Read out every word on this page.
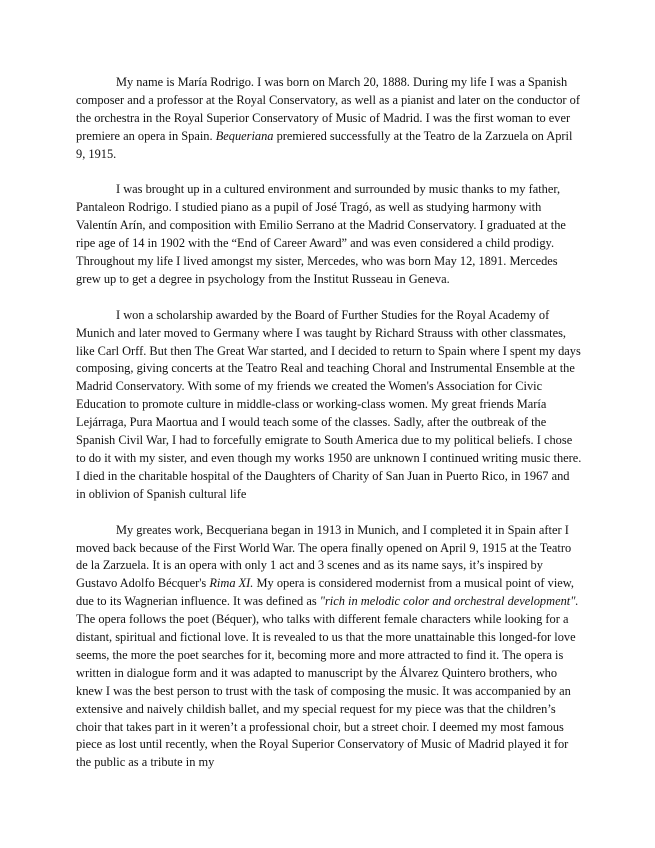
My name is María Rodrigo. I was born on March 20, 1888. During my life I was a Spanish composer and a professor at the Royal Conservatory, as well as a pianist and later on the conductor of the orchestra in the Royal Superior Conservatory of Music of Madrid. I was the first woman to ever premiere an opera in Spain. Bequeriana premiered successfully at the Teatro de la Zarzuela on April 9, 1915.

I was brought up in a cultured environment and surrounded by music thanks to my father, Pantaleon Rodrigo. I studied piano as a pupil of José Tragó, as well as studying harmony with Valentín Arín, and composition with Emilio Serrano at the Madrid Conservatory. I graduated at the ripe age of 14 in 1902 with the “End of Career Award” and was even considered a child prodigy. Throughout my life I lived amongst my sister, Mercedes, who was born May 12, 1891. Mercedes grew up to get a degree in psychology from the Institut Russeau in Geneva.

I won a scholarship awarded by the Board of Further Studies for the Royal Academy of Munich and later moved to Germany where I was taught by Richard Strauss with other classmates, like Carl Orff. But then The Great War started, and I decided to return to Spain where I spent my days composing, giving concerts at the Teatro Real and teaching Choral and Instrumental Ensemble at the Madrid Conservatory. With some of my friends we created the Women's Association for Civic Education to promote culture in middle-class or working-class women. My great friends María Lejárraga, Pura Maortua and I would teach some of the classes. Sadly, after the outbreak of the Spanish Civil War, I had to forcefully emigrate to South America due to my political beliefs. I chose to do it with my sister, and even though my works 1950 are unknown I continued writing music there. I died in the charitable hospital of the Daughters of Charity of San Juan in Puerto Rico, in 1967 and in oblivion of Spanish cultural life

My greates work, Becqueriana began in 1913 in Munich, and I completed it in Spain after I moved back because of the First World War. The opera finally opened on April 9, 1915 at the Teatro de la Zarzuela. It is an opera with only 1 act and 3 scenes and as its name says, it’s inspired by Gustavo Adolfo Bécquer's Rima XI. My opera is considered modernist from a musical point of view, due to its Wagnerian influence. It was defined as "rich in melodic color and orchestral development". The opera follows the poet (Béquer), who talks with different female characters while looking for a distant, spiritual and fictional love. It is revealed to us that the more unattainable this longed-for love seems, the more the poet searches for it, becoming more and more attracted to find it. The opera is written in dialogue form and it was adapted to manuscript by the Álvarez Quintero brothers, who knew I was the best person to trust with the task of composing the music. It was accompanied by an extensive and naively childish ballet, and my special request for my piece was that the children’s choir that takes part in it weren’t a professional choir, but a street choir. I deemed my most famous piece as lost until recently, when the Royal Superior Conservatory of Music of Madrid played it for the public as a tribute in my
